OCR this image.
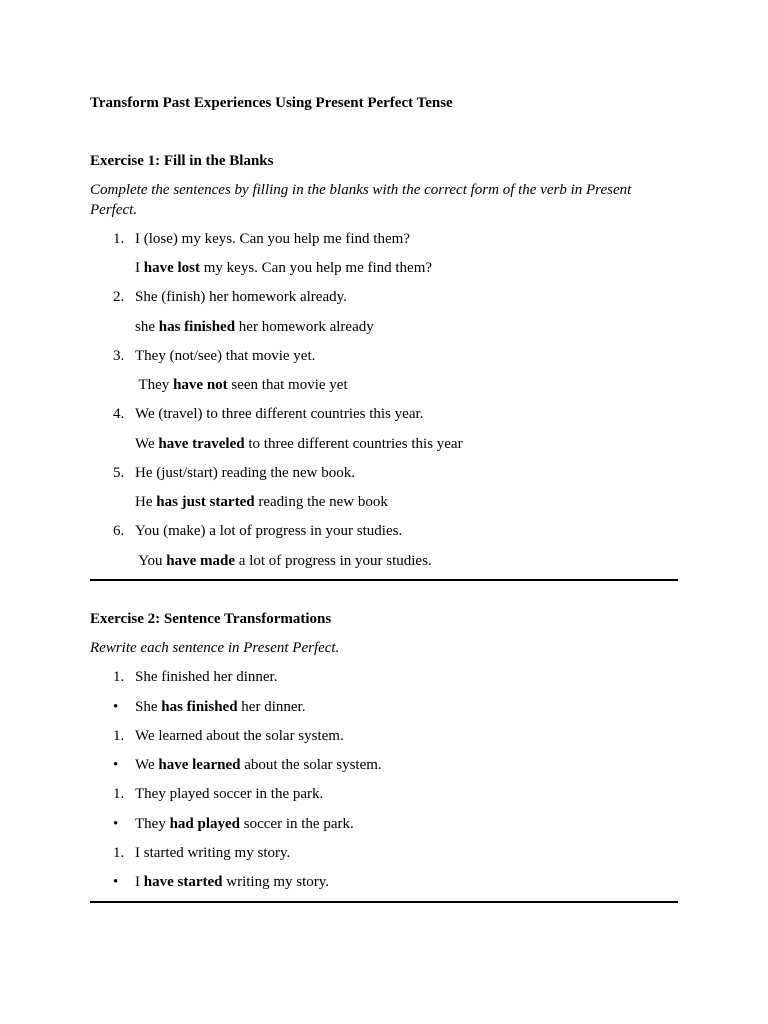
Transform Past Experiences Using Present Perfect Tense
Exercise 1: Fill in the Blanks
Complete the sentences by filling in the blanks with the correct form of the verb in Present Perfect.
1. I (lose) my keys. Can you help me find them?
I have lost my keys. Can you help me find them?
2. She (finish) her homework already.
she has finished her homework already
3. They (not/see) that movie yet.
They have not seen that movie yet
4. We (travel) to three different countries this year.
We have traveled to three different countries this year
5. He (just/start) reading the new book.
He has just started reading the new book
6. You (make) a lot of progress in your studies.
You have made a lot of progress in your studies.
Exercise 2: Sentence Transformations
Rewrite each sentence in Present Perfect.
1. She finished her dinner.
•	She has finished her dinner.
1. We learned about the solar system.
•	We have learned about the solar system.
1. They played soccer in the park.
•	They had played soccer in the park.
1. I started writing my story.
•	I have started writing my story.
